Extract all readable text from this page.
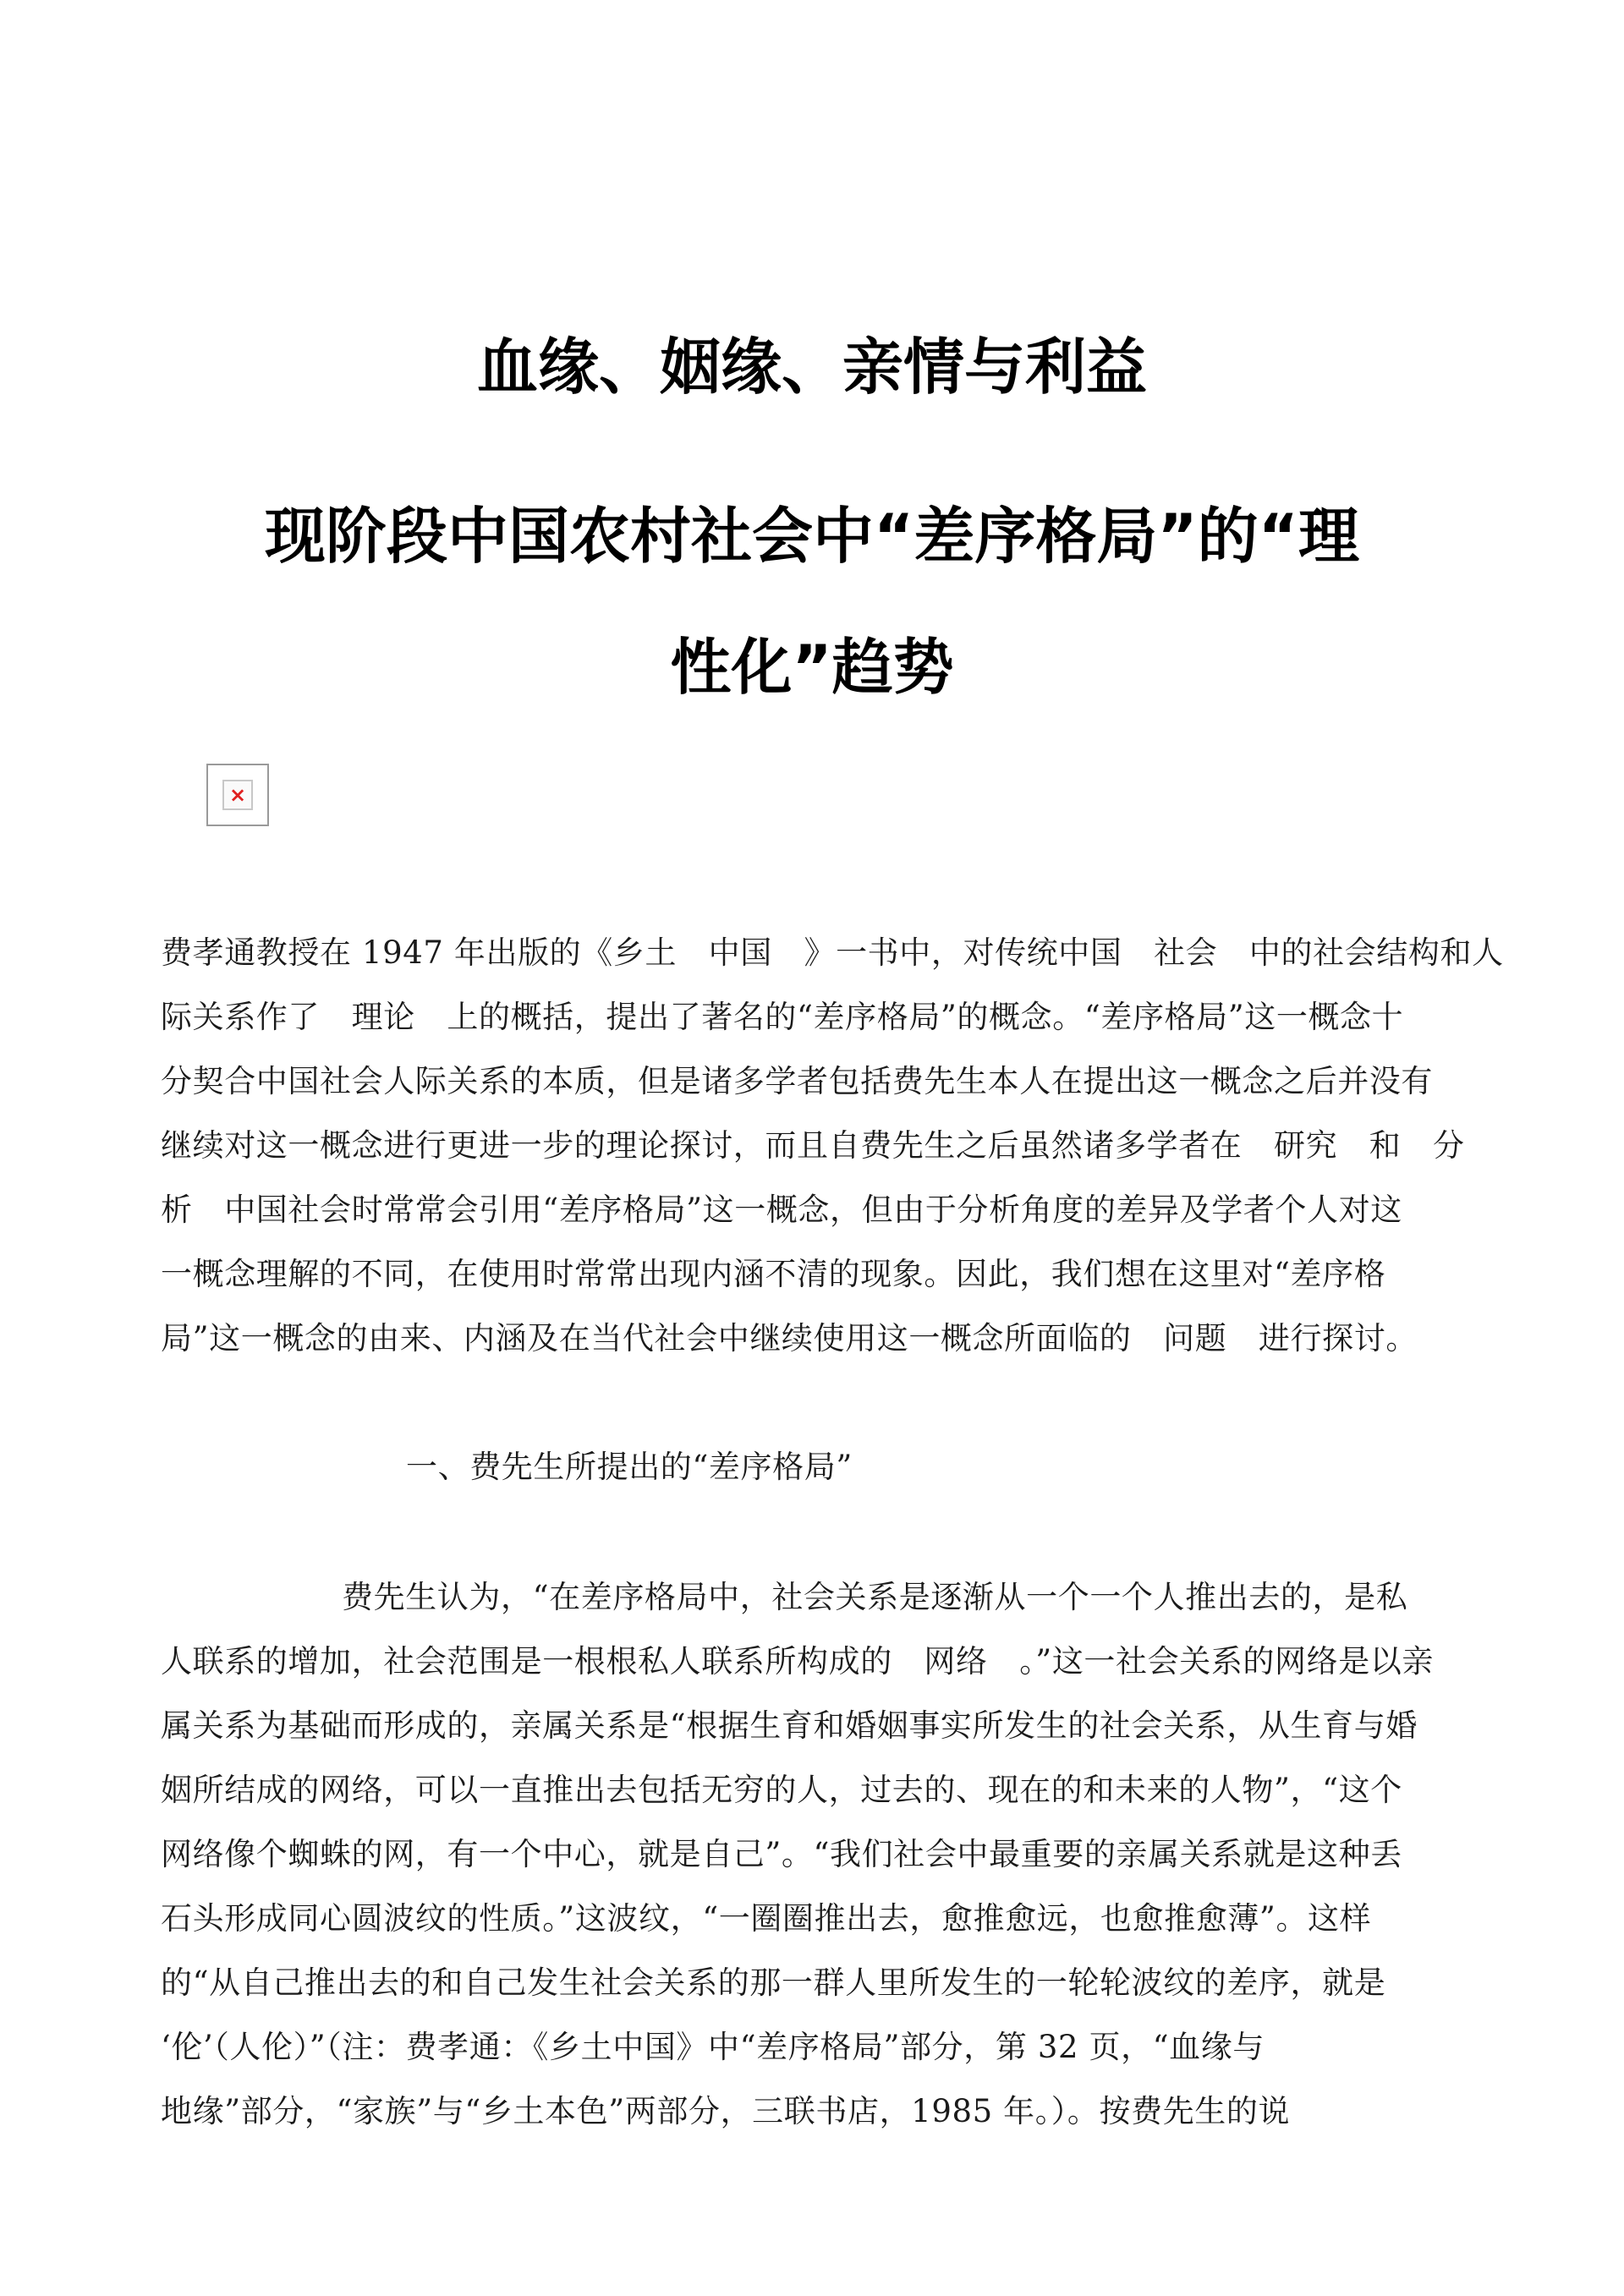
血缘、姻缘、亲情与利益
现阶段中国农村社会中“差序格局”的“理
性化”趋势
×
费孝通教授在 1947 年出版的《乡土　中国　》一书中，对传统中国　社会　中的社会结构和人
际关系作了　理论　上的概括，提出了著名的“差序格局”的概念。“差序格局”这一概念十
分契合中国社会人际关系的本质，但是诸多学者包括费先生本人在提出这一概念之后并没有
继续对这一概念进行更进一步的理论探讨，而且自费先生之后虽然诸多学者在　研究　和　分
析　中国社会时常常会引用“差序格局”这一概念，但由于分析角度的差异及学者个人对这
一概念理解的不同，在使用时常常出现内涵不清的现象。因此，我们想在这里对“差序格
局”这一概念的由来、内涵及在当代社会中继续使用这一概念所面临的　问题　进行探讨。
一、费先生所提出的“差序格局”
费先生认为，“在差序格局中，社会关系是逐渐从一个一个人推出去的，是私
人联系的增加，社会范围是一根根私人联系所构成的　网络　。”这一社会关系的网络是以亲
属关系为基础而形成的，亲属关系是“根据生育和婚姻事实所发生的社会关系，从生育与婚
姻所结成的网络，可以一直推出去包括无穷的人，过去的、现在的和未来的人物”，“这个
网络像个蜘蛛的网，有一个中心，就是自己”。“我们社会中最重要的亲属关系就是这种丢
石头形成同心圆波纹的性质。”这波纹，“一圈圈推出去，愈推愈远，也愈推愈薄”。这样
的“从自己推出去的和自己发生社会关系的那一群人里所发生的一轮轮波纹的差序，就是
‘伦’（人伦）”（注：费孝通：《乡土中国》中“差序格局”部分，第 32 页，“血缘与
地缘”部分，“家族”与“乡土本色”两部分，三联书店，1985 年。）。按费先生的说
